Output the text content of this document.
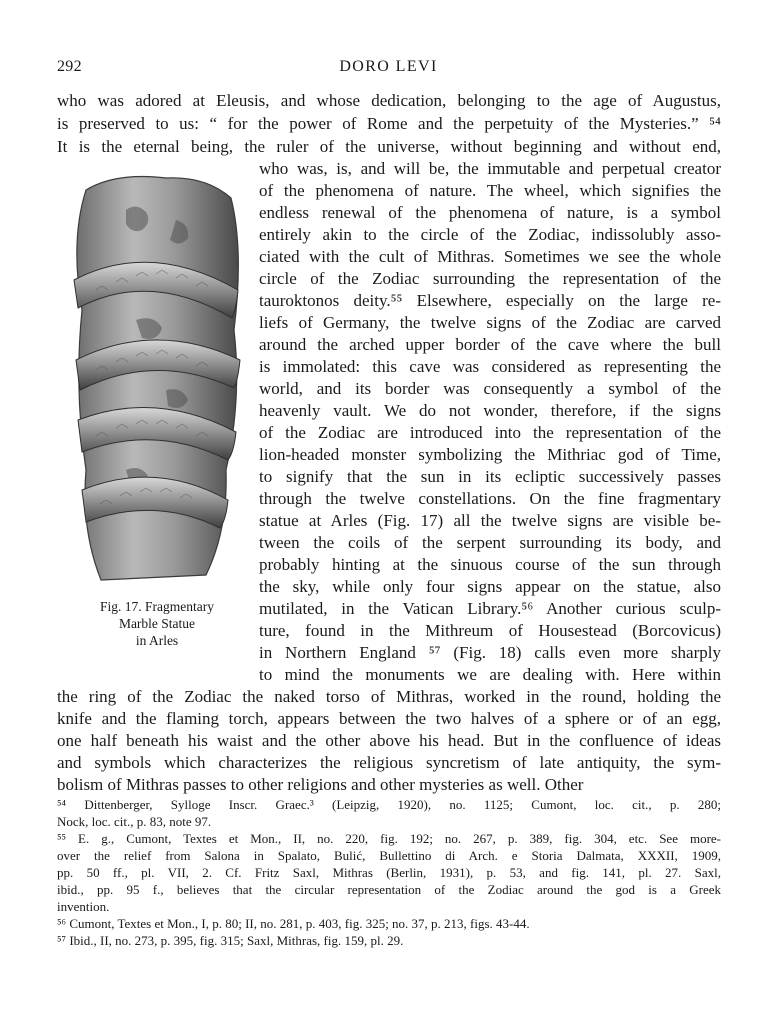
292	DORO LEVI
who was adored at Eleusis, and whose dedication, belonging to the age of Augustus,
is preserved to us: “ for the power of Rome and the perpetuity of the Mysteries.” ⁵⁴
It is the eternal being, the ruler of the universe, without beginning and without end,
who was, is, and will be, the immutable and perpetual creator
of the phenomena of nature. The wheel, which signifies the
endless renewal of the phenomena of nature, is a symbol
entirely akin to the circle of the Zodiac, indissolubly asso-
ciated with the cult of Mithras. Sometimes we see the whole
circle of the Zodiac surrounding the representation of the
tauroktonos deity.⁵⁵ Elsewhere, especially on the large re-
liefs of Germany, the twelve signs of the Zodiac are carved
around the arched upper border of the cave where the bull
is immolated: this cave was considered as representing the
world, and its border was consequently a symbol of the
heavenly vault. We do not wonder, therefore, if the signs
of the Zodiac are introduced into the representation of the
lion-headed monster symbolizing the Mithriac god of Time,
to signify that the sun in its ecliptic successively passes
through the twelve constellations. On the fine fragmentary
statue at Arles (Fig. 17) all the twelve signs are visible be-
tween the coils of the serpent surrounding its body, and
probably hinting at the sinuous course of the sun through
the sky, while only four signs appear on the statue, also
mutilated, in the Vatican Library.⁵⁶ Another curious sculp-
ture, found in the Mithreum of Housestead (Borcovicus)
in Northern England ⁵⁷ (Fig. 18) calls even more sharply
to mind the monuments we are dealing with. Here within
the ring of the Zodiac the naked torso of Mithras, worked in the round, holding the
knife and the flaming torch, appears between the two halves of a sphere or of an egg,
one half beneath his waist and the other above his head. But in the confluence of ideas
and symbols which characterizes the religious syncretism of late antiquity, the sym-
bolism of Mithras passes to other religions and other mysteries as well. Other
Fig. 17. Fragmentary
Marble Statue
in Arles
⁵⁴ Dittenberger, Sylloge Inscr. Graec.³ (Leipzig, 1920), no. 1125; Cumont, loc. cit., p. 280;
Nock, loc. cit., p. 83, note 97.
⁵⁵ E. g., Cumont, Textes et Mon., II, no. 220, fig. 192; no. 267, p. 389, fig. 304, etc. See more-
over the relief from Salona in Spalato, Bulić, Bullettino di Arch. e Storia Dalmata, XXXII, 1909,
pp. 50 ff., pl. VII, 2. Cf. Fritz Saxl, Mithras (Berlin, 1931), p. 53, and fig. 141, pl. 27. Saxl,
ibid., pp. 95 f., believes that the circular representation of the Zodiac around the god is a Greek
invention.
⁵⁶ Cumont, Textes et Mon., I, p. 80; II, no. 281, p. 403, fig. 325; no. 37, p. 213, figs. 43-44.
⁵⁷ Ibid., II, no. 273, p. 395, fig. 315; Saxl, Mithras, fig. 159, pl. 29.
